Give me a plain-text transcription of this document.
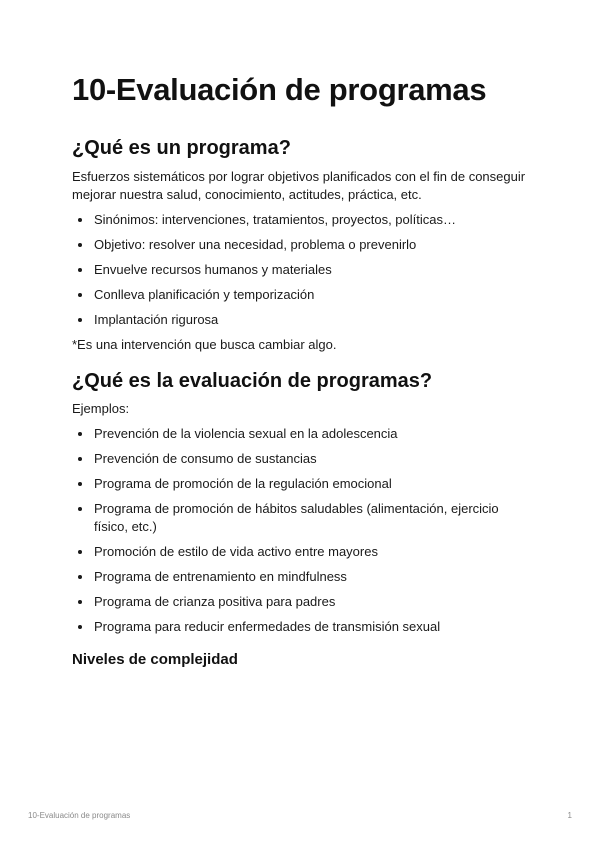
10-Evaluación de programas
¿Qué es un programa?

Esfuerzos sistemáticos por lograr objetivos planificados con el fin de conseguir mejorar nuestra salud, conocimiento, actitudes, práctica, etc.

Sinónimos: intervenciones, tratamientos, proyectos, políticas…
Objetivo: resolver una necesidad, problema o prevenirlo
Envuelve recursos humanos y materiales
Conlleva planificación y temporización
Implantación rigurosa

*Es una intervención que busca cambiar algo.

¿Qué es la evaluación de programas?

Ejemplos:

Prevención de la violencia sexual en la adolescencia
Prevención de consumo de sustancias
Programa de promoción de la regulación emocional
Programa de promoción de hábitos saludables (alimentación, ejercicio físico, etc.)
Promoción de estilo de vida activo entre mayores
Programa de entrenamiento en mindfulness
Programa de crianza positiva para padres
Programa para reducir enfermedades de transmisión sexual
Niveles de complejidad
10-Evaluación de programas	1
